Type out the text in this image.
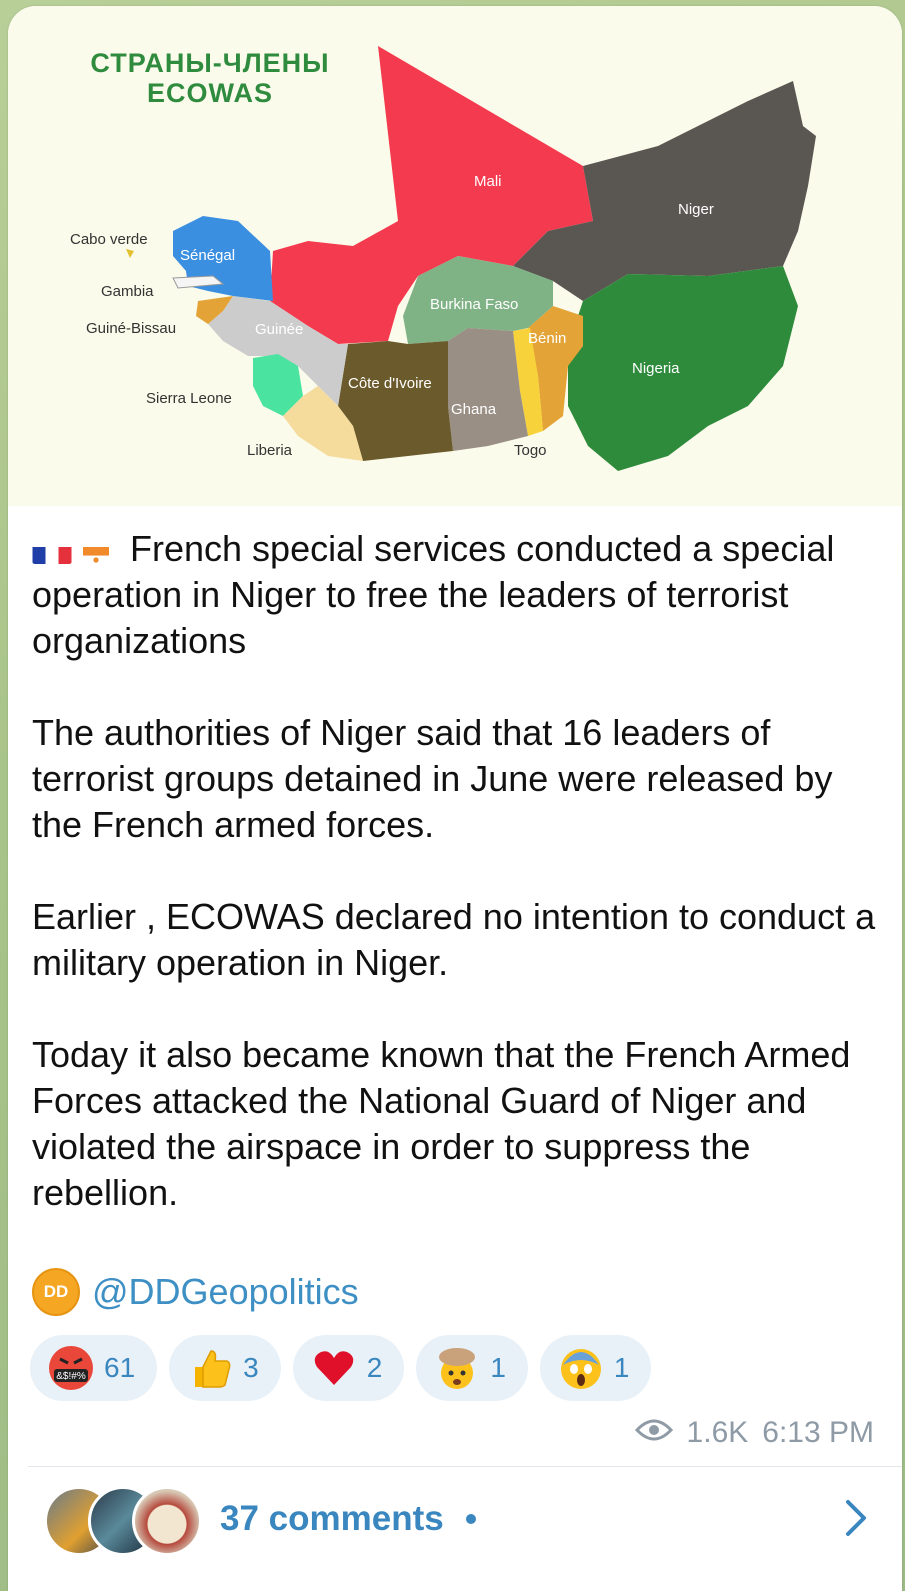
Mali
Niger
Cabo verde
Sénégal
Gambia
Guiné-Bissau	Guinée
Burkina Faso
Bénin
Nigeria
Sierra Leone
Côte d'Ivoire
Ghana
Liberia	Togo
СТРАНЫ-ЧЛЕНЫ
ECOWAS

French special services conducted a special operation in Niger to free the leaders of terrorist organizations

The authorities of Niger said that 16 leaders of terrorist groups detained in June were released by the French armed forces.

Earlier , ECOWAS declared no intention to conduct a military operation in Niger.

Today it also became known that the French Armed Forces attacked the National Guard of Niger and violated the airspace in order to suppress the rebellion.

DD @DDGeopolitics
&$!#% 61	3	2	1	1
1.6K 6:13 PM
37 comments
